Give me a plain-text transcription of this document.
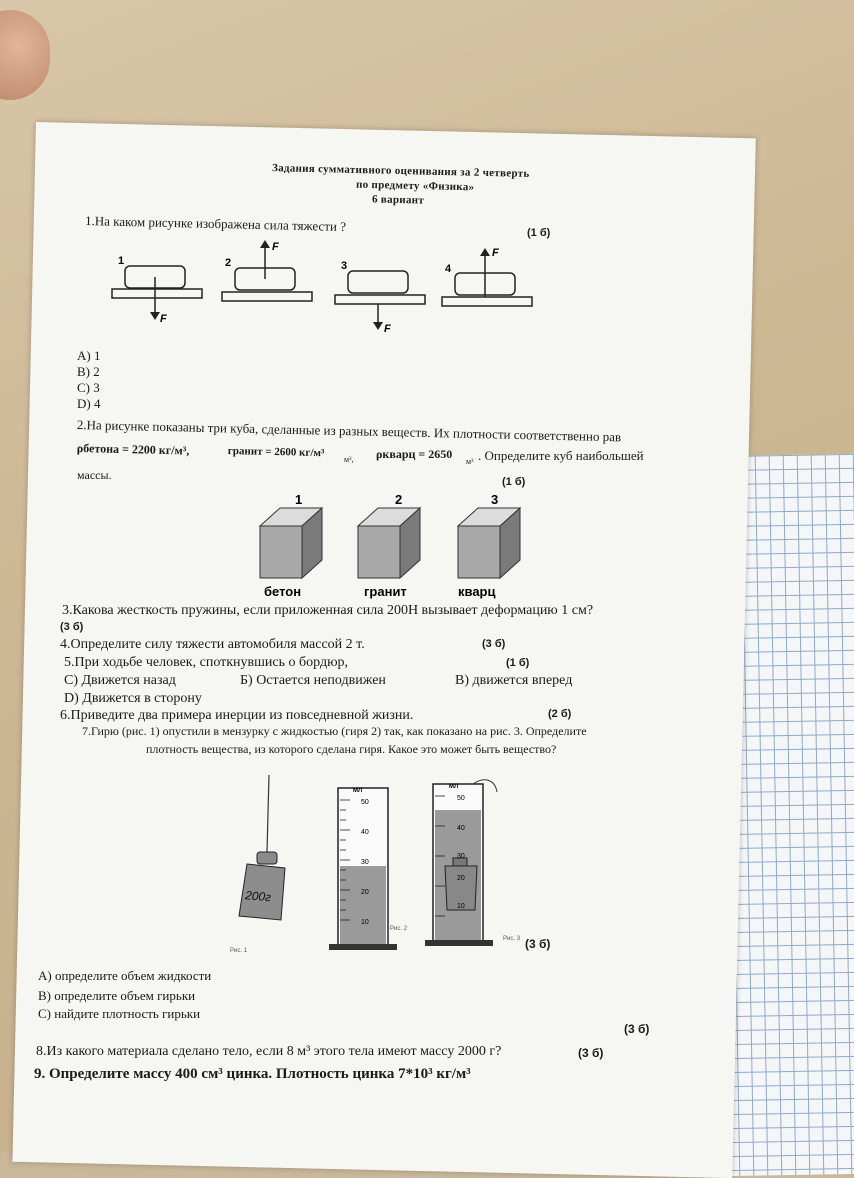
Задания суммативного оценивания за 2 четверть
по предмету «Физика»
6 вариант
1.На каком рисунке изображена сила тяжести ?	(1 б)
1
F
2
F
3
F
4
F
A) 1
B) 2
C) 3
D) 4
2.На рисунке показаны три куба, сделанные из разных веществ. Их плотности соответственно рав
ρбетона = 2200 кг/м³,	гранит = 2600 кг/м³
м³, ρкварц = 2650
м³ . Определите куб наибольшей
массы.	(1 б)
1	2	3
бетон	гранит	кварц
3.Какова жесткость пружины, если приложенная сила 200Н вызывает деформацию 1 см?
(3 б)
4.Определите силу тяжести автомобиля массой 2 т.	(3 б)
5.При ходьбе человек, споткнувшись о бордюр,	(1 б)
C) Движется назад	Б) Остается неподвижен	В) движется вперед
D) Движется в сторону
6.Приведите два примера инерции из повседневной жизни.	(2 б)
7.Гирю (рис. 1) опустили в мензурку с жидкостью (гиря 2) так, как показано на рис. 3. Определите
плотность вещества, из которого сделана гиря. Какое это может быть вещество?
200г
Рис. 1
МЛ
50
40
30
20
10
Рис. 2
МЛ
50
40
30
20
10
Рис. 3 (3 б)
A) определите объем жидкости
B) определите объем гирьки
C) найдите плотность гирьки
8.Из какого материала сделано тело, если 8 м³ этого тела имеют массу 2000 г?
(3 б)
9. Определите массу 400 см³ цинка. Плотность цинка 7*10³ кг/м³
(3 б)
